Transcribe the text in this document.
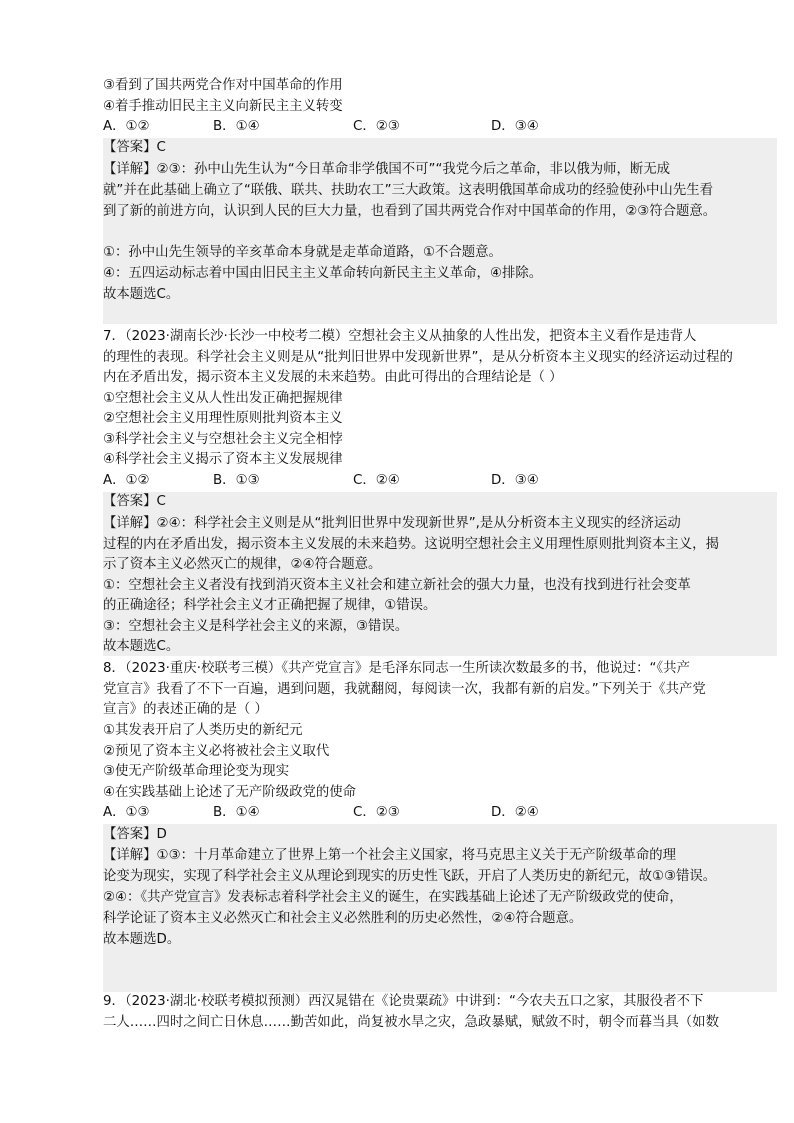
③看到了国共两党合作对中国革命的作用
④着手推动旧民主主义向新民主主义转变
A．①②	B．①④	C．②③	D．③④
【答案】C
【详解】②③：孙中山先生认为“今日革命非学俄国不可”“我党今后之革命，非以俄为师，断无成
就”并在此基础上确立了“联俄、联共、扶助农工”三大政策。这表明俄国革命成功的经验使孙中山先生看
到了新的前进方向，认识到人民的巨大力量，也看到了国共两党合作对中国革命的作用，②③符合题意。
①：孙中山先生领导的辛亥革命本身就是走革命道路，①不合题意。
④：五四运动标志着中国由旧民主主义革命转向新民主主义革命，④排除。
故本题选C。
7．（2023·湖南长沙·长沙一中校考二模）空想社会主义从抽象的人性出发，把资本主义看作是违背人
的理性的表现。科学社会主义则是从“批判旧世界中发现新世界”，是从分析资本主义现实的经济运动过程的
内在矛盾出发，揭示资本主义发展的未来趋势。由此可得出的合理结论是（ ）
①空想社会主义从人性出发正确把握规律
②空想社会主义用理性原则批判资本主义
③科学社会主义与空想社会主义完全相悖
④科学社会主义揭示了资本主义发展规律
A．①②	B．①③	C．②④	D．③④
【答案】C
【详解】②④：科学社会主义则是从“批判旧世界中发现新世界”,是从分析资本主义现实的经济运动
过程的内在矛盾出发，揭示资本主义发展的未来趋势。这说明空想社会主义用理性原则批判资本主义，揭
示了资本主义必然灭亡的规律，②④符合题意。
①：空想社会主义者没有找到消灭资本主义社会和建立新社会的强大力量，也没有找到进行社会变革
的正确途径；科学社会主义才正确把握了规律，①错误。
③：空想社会主义是科学社会主义的来源，③错误。
故本题选C。
8．（2023·重庆·校联考三模）《共产党宣言》是毛泽东同志一生所读次数最多的书，他说过：“《共产
党宣言》我看了不下一百遍，遇到问题，我就翻阅，每阅读一次，我都有新的启发。”下列关于《共产党
宣言》的表述正确的是（ ）
①其发表开启了人类历史的新纪元
②预见了资本主义必将被社会主义取代
③使无产阶级革命理论变为现实
④在实践基础上论述了无产阶级政党的使命
A．①③	B．①④	C．②③	D．②④
【答案】D
【详解】①③：十月革命建立了世界上第一个社会主义国家，将马克思主义关于无产阶级革命的理
论变为现实，实现了科学社会主义从理论到现实的历史性飞跃，开启了人类历史的新纪元，故①③错误。
②④：《共产党宣言》发表标志着科学社会主义的诞生，在实践基础上论述了无产阶级政党的使命，
科学论证了资本主义必然灭亡和社会主义必然胜利的历史必然性，②④符合题意。
故本题选D。
9．（2023·湖北·校联考模拟预测）西汉晁错在《论贵粟疏》中讲到：“今农夫五口之家，其服役者不下
二人……四时之间亡日休息……勤苦如此，尚复被水旱之灾，急政暴赋，赋敛不时，朝令而暮当具（如数
